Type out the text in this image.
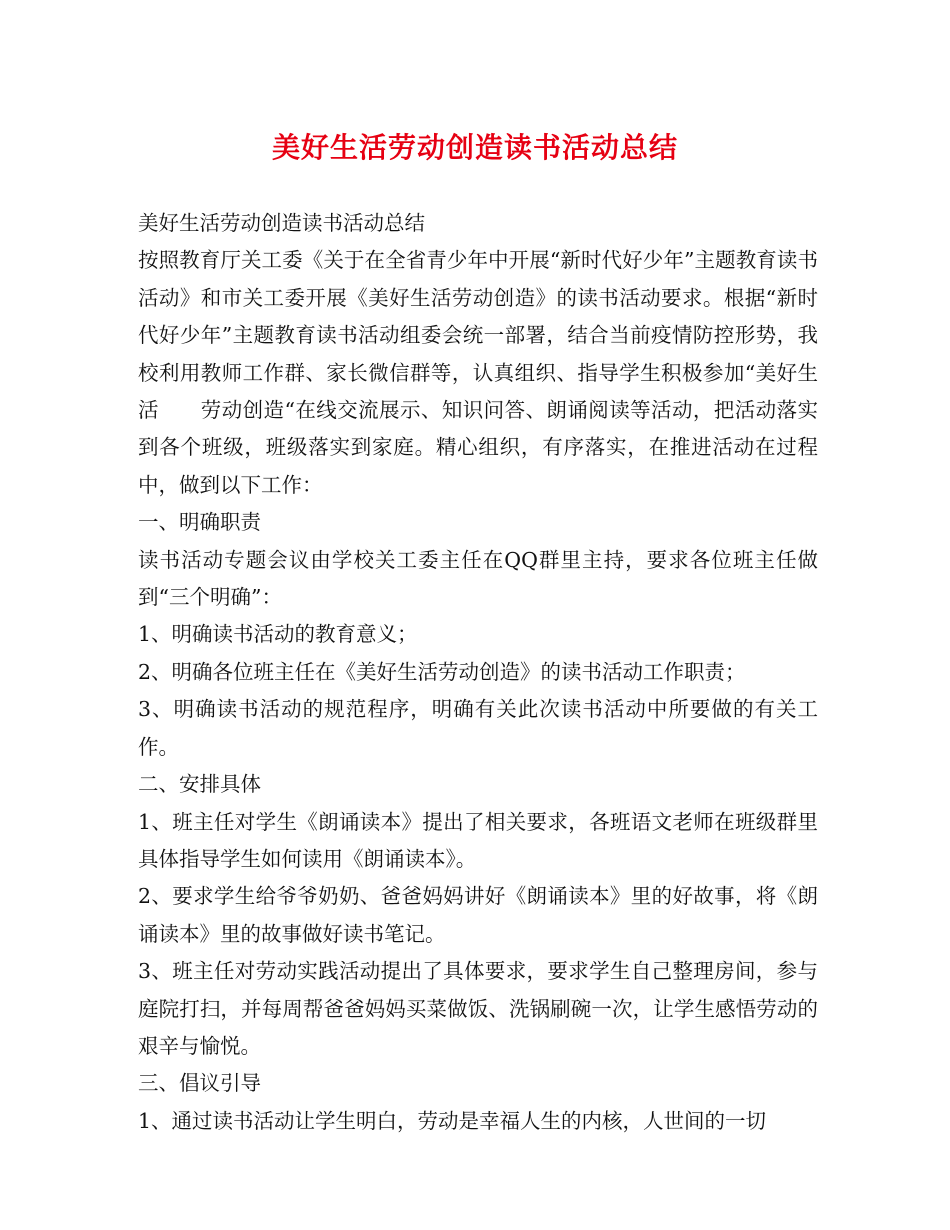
美好生活劳动创造读书活动总结

美好生活劳动创造读书活动总结

按照教育厅关工委《关于在全省青少年中开展“新时代好少年”主题教育读书活动》和市关工委开展《美好生活劳动创造》的读书活动要求。根据“新时代好少年”主题教育读书活动组委会统一部署，结合当前疫情防控形势，我校利用教师工作群、家长微信群等，认真组织、指导学生积极参加“美好生活　　劳动创造“在线交流展示、知识问答、朗诵阅读等活动，把活动落实到各个班级，班级落实到家庭。精心组织，有序落实，在推进活动在过程中，做到以下工作：

一、明确职责

读书活动专题会议由学校关工委主任在QQ群里主持，要求各位班主任做到“三个明确”：

1、明确读书活动的教育意义；

2、明确各位班主任在《美好生活劳动创造》的读书活动工作职责；

3、明确读书活动的规范程序，明确有关此次读书活动中所要做的有关工作。

二、安排具体

1、班主任对学生《朗诵读本》提出了相关要求，各班语文老师在班级群里具体指导学生如何读用《朗诵读本》。

2、要求学生给爷爷奶奶、爸爸妈妈讲好《朗诵读本》里的好故事，将《朗诵读本》里的故事做好读书笔记。

3、班主任对劳动实践活动提出了具体要求，要求学生自己整理房间，参与庭院打扫，并每周帮爸爸妈妈买菜做饭、洗锅刷碗一次，让学生感悟劳动的艰辛与愉悦。

三、倡议引导

1、通过读书活动让学生明白，劳动是幸福人生的内核，人世间的一切
